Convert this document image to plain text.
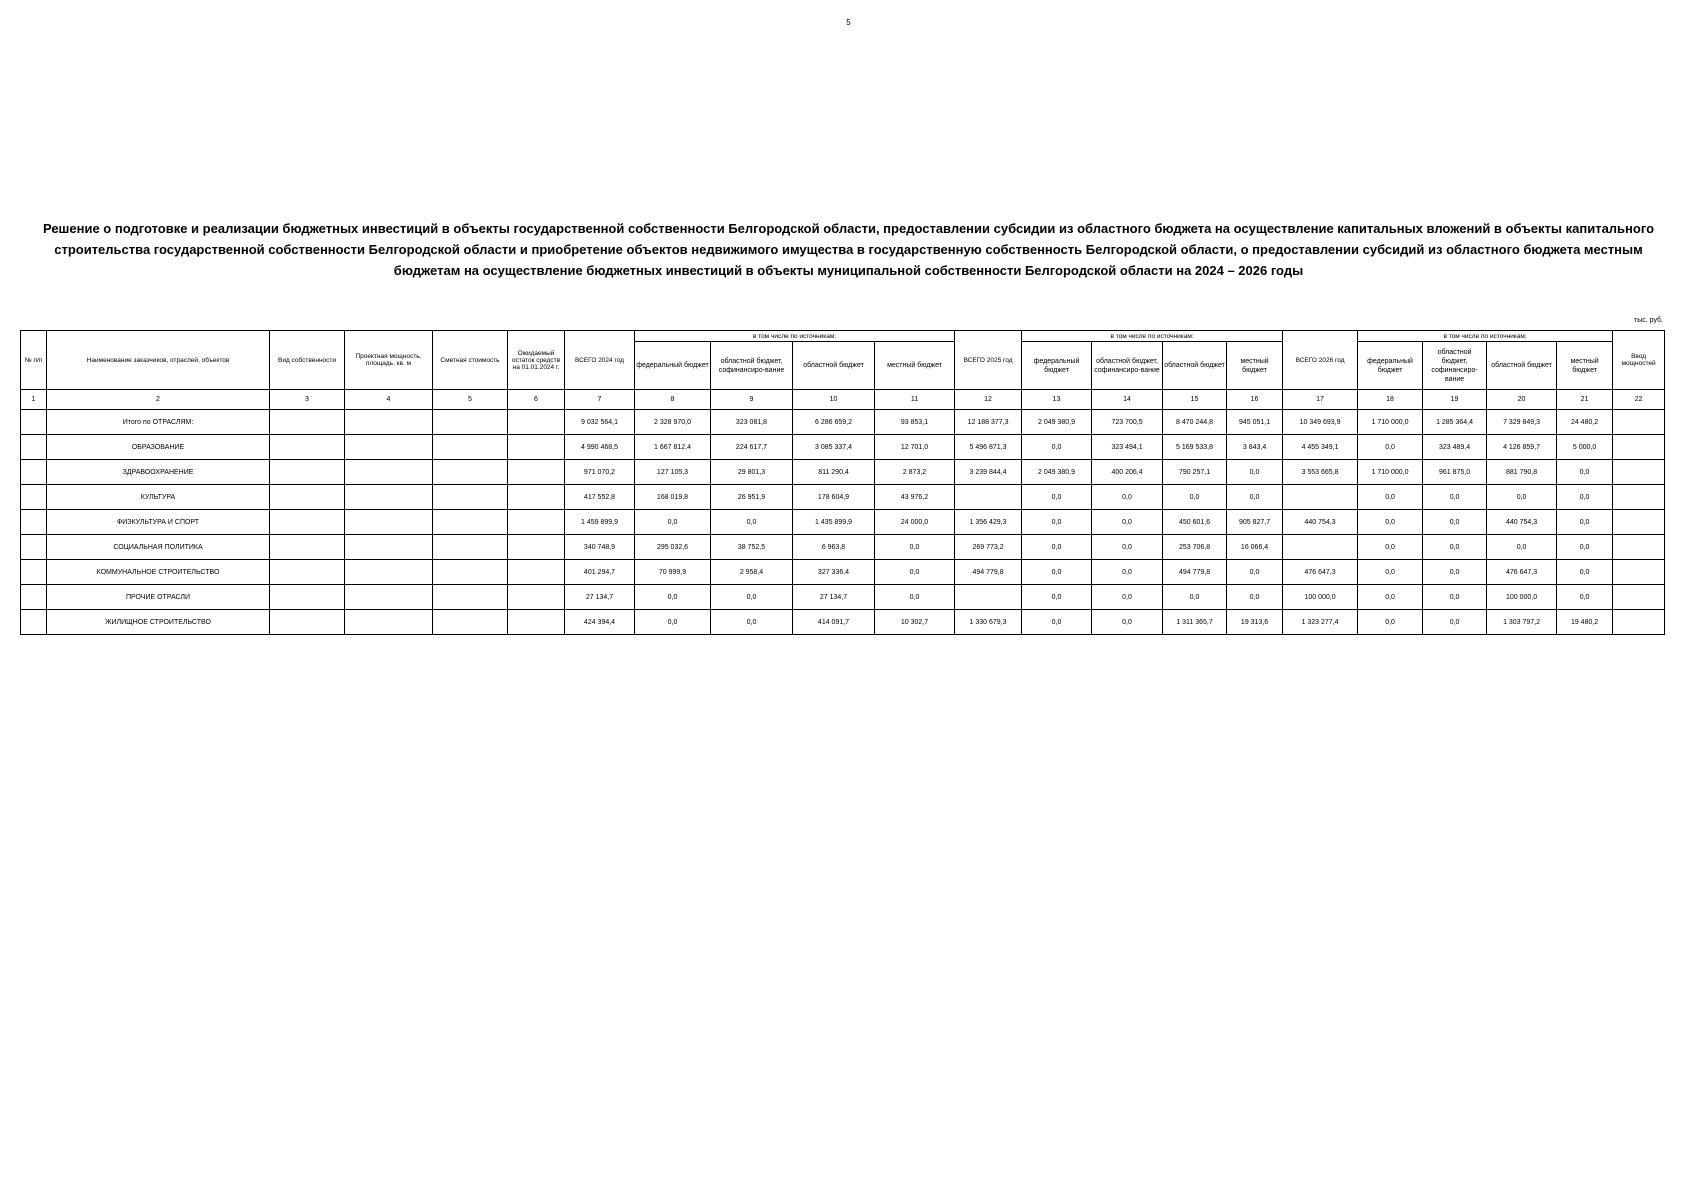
5
Решение о подготовке и реализации бюджетных инвестиций в объекты государственной собственности Белгородской области, предоставлении субсидии из областного бюджета на осуществление капитальных вложений в объекты капитального строительства государственной собственности Белгородской области и приобретение объектов недвижимого имущества в государственную собственность Белгородской области, о предоставлении субсидий из областного бюджета местным бюджетам на осуществление бюджетных инвестиций в объекты муниципальной собственности Белгородской области на 2024 – 2026 годы
тыс. руб.
№ п/п	Наименование заказчиков, отраслей, объектов	Вид собственности	Проектная мощность, площадь, кв. м	Сметная стоимость	Ожидаемый остаток средств на 01.01.2024 г.	ВСЕГО 2024 год	в том числе по источникам:				ВСЕГО 2025 год	в том числе по источникам:				ВСЕГО 2026 год	в том числе по источникам:				Ввод мощностей
							федеральный бюджет	областной бюджет, софинансиро-вание	областной бюджет	местный бюджет		федеральный бюджет	областной бюджет, софинансиро-вание	областной бюджет	местный бюджет		федеральный бюджет	областной бюджет, софинансиро-вание	областной бюджет	местный бюджет	
1	2	3	4	5	6	7	8	9	10	11	12	13	14	15	16	17	18	19	20	21	22
	Итого по ОТРАСЛЯМ:					9 032 564,1	2 328 970,0	323 081,8	6 286 659,2	93 853,1	12 188 377,3	2 049 380,9	723 700,5	8 470 244,8	945 051,1	10 349 693,9	1 710 000,0	1 285 364,4	7 329 849,3	24 480,2	
	ОБРАЗОВАНИЕ					4 990 468,5	1 667 812,4	224 617,7	3 085 337,4	12 701,0	5 496 871,3	0,0	323 494,1	5 169 533,8	3 843,4	4 455 349,1	0,0	323 489,4	4 126 859,7	5 000,0	
	ЗДРАВООХРАНЕНИЕ					971 070,2	127 105,3	29 801,3	811 290,4	2 873,2	3 239 844,4	2 049 380,9	400 206,4	790 257,1	0,0	3 553 665,8	1 710 000,0	961 875,0	881 790,8	0,0	
	КУЛЬТУРА					417 552,8	168 019,8	26 951,9	178 604,9	43 976,2		0,0	0,0	0,0	0,0		0,0	0,0	0,0	0,0	
	ФИЗКУЛЬТУРА И СПОРТ					1 459 899,9	0,0	0,0	1 435 899,9	24 000,0	1 356 429,3	0,0	0,0	450 601,6	905 827,7	440 754,3	0,0	0,0	440 754,3	0,0	
	СОЦИАЛЬНАЯ ПОЛИТИКА					340 748,9	295 032,6	38 752,5	6 963,8	0,0	269 773,2	0,0	0,0	253 706,8	16 066,4		0,0	0,0	0,0	0,0	
	КОММУНАЛЬНОЕ СТРОИТЕЛЬСТВО					401 294,7	70 999,9	2 958,4	327 336,4	0,0	494 779,8	0,0	0,0	494 779,8	0,0	476 647,3	0,0	0,0	476 647,3	0,0	
	ПРОЧИЕ ОТРАСЛИ					27 134,7	0,0	0,0	27 134,7	0,0		0,0	0,0	0,0	0,0	100 000,0	0,0	0,0	100 000,0	0,0	
	ЖИЛИЩНОЕ СТРОИТЕЛЬСТВО					424 394,4	0,0	0,0	414 091,7	10 302,7	1 330 679,3	0,0	0,0	1 311 365,7	19 313,6	1 323 277,4	0,0	0,0	1 303 797,2	19 480,2	
